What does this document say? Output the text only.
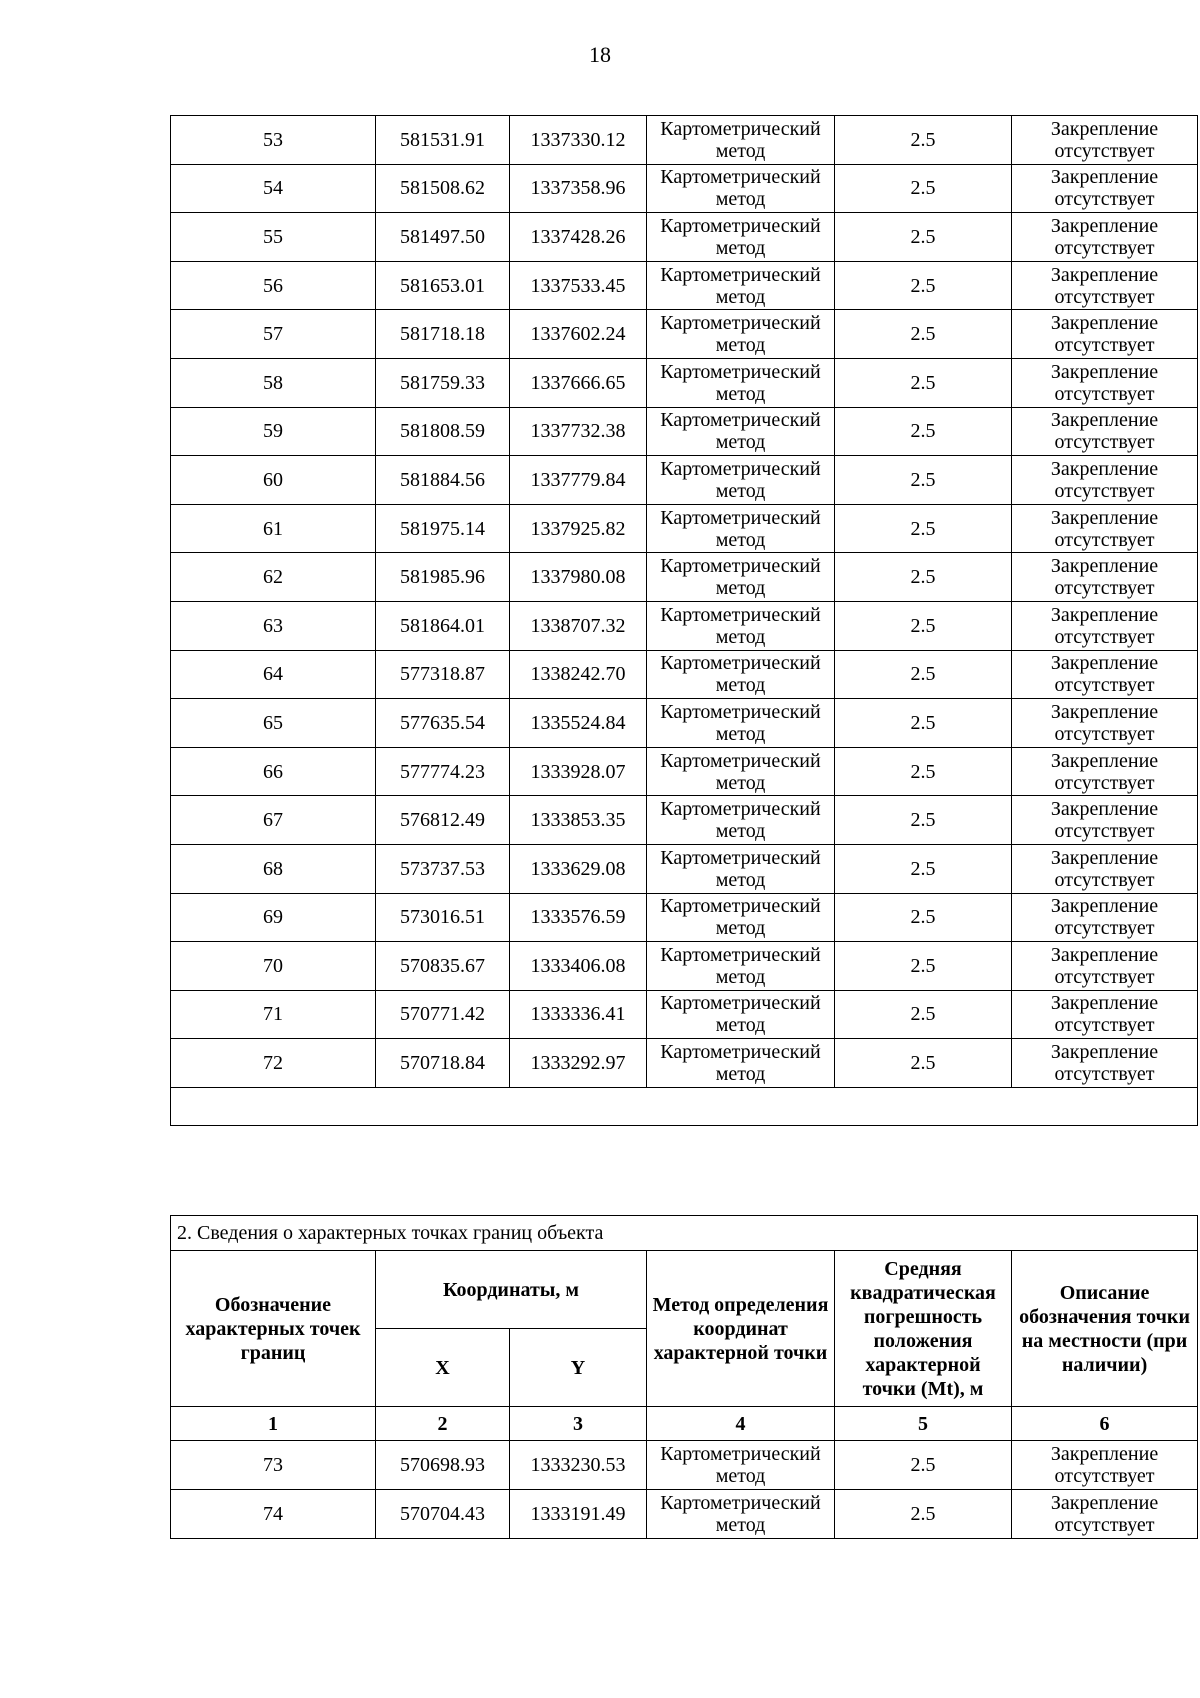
18
53	581531.91	1337330.12	Картометрический метод	2.5	Закрепление отсутствует
54	581508.62	1337358.96	Картометрический метод	2.5	Закрепление отсутствует
55	581497.50	1337428.26	Картометрический метод	2.5	Закрепление отсутствует
56	581653.01	1337533.45	Картометрический метод	2.5	Закрепление отсутствует
57	581718.18	1337602.24	Картометрический метод	2.5	Закрепление отсутствует
58	581759.33	1337666.65	Картометрический метод	2.5	Закрепление отсутствует
59	581808.59	1337732.38	Картометрический метод	2.5	Закрепление отсутствует
60	581884.56	1337779.84	Картометрический метод	2.5	Закрепление отсутствует
61	581975.14	1337925.82	Картометрический метод	2.5	Закрепление отсутствует
62	581985.96	1337980.08	Картометрический метод	2.5	Закрепление отсутствует
63	581864.01	1338707.32	Картометрический метод	2.5	Закрепление отсутствует
64	577318.87	1338242.70	Картометрический метод	2.5	Закрепление отсутствует
65	577635.54	1335524.84	Картометрический метод	2.5	Закрепление отсутствует
66	577774.23	1333928.07	Картометрический метод	2.5	Закрепление отсутствует
67	576812.49	1333853.35	Картометрический метод	2.5	Закрепление отсутствует
68	573737.53	1333629.08	Картометрический метод	2.5	Закрепление отсутствует
69	573016.51	1333576.59	Картометрический метод	2.5	Закрепление отсутствует
70	570835.67	1333406.08	Картометрический метод	2.5	Закрепление отсутствует
71	570771.42	1333336.41	Картометрический метод	2.5	Закрепление отсутствует
72	570718.84	1333292.97	Картометрический метод	2.5	Закрепление отсутствует

2. Сведения о характерных точках границ объекта					
Обозначение характерных точек границ	Координаты, м		Метод определения координат характерной точки	Средняя квадратическая погрешность положения характерной точки (Mt), м	Описание обозначения точки на местности (при наличии)
	X	Y			
1	2	3	4	5	6
73	570698.93	1333230.53	Картометрический метод	2.5	Закрепление отсутствует
74	570704.43	1333191.49	Картометрический метод	2.5	Закрепление отсутствует
